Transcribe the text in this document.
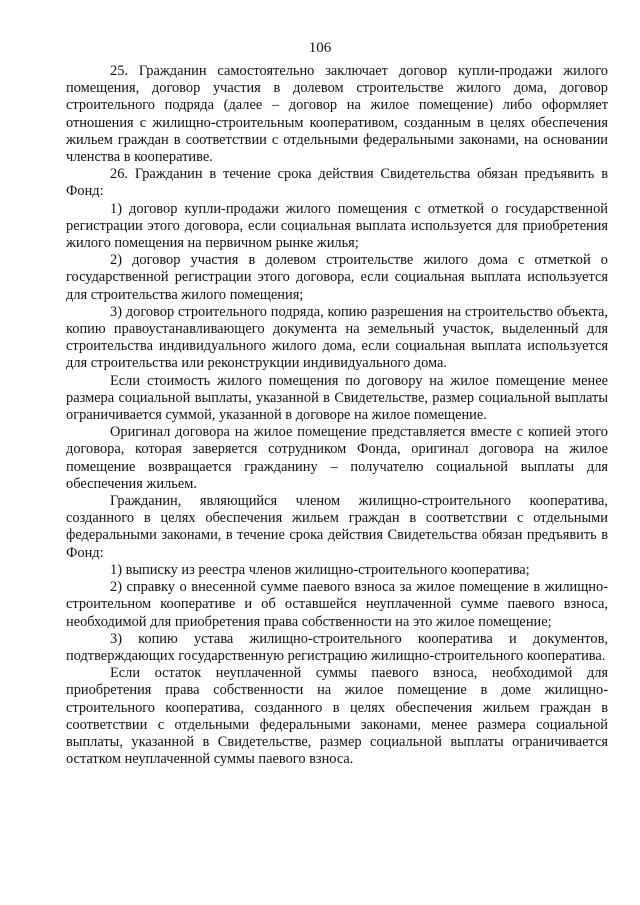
106

25. Гражданин самостоятельно заключает договор купли-продажи жилого помещения, договор участия в долевом строительстве жилого дома, договор строительного подряда (далее – договор на жилое помещение) либо оформляет отношения с жилищно-строительным кооперативом, созданным в целях обеспечения жильем граждан в соответствии с отдельными федеральными законами, на основании членства в кооперативе.

26. Гражданин в течение срока действия Свидетельства обязан предъявить в Фонд:

1) договор купли-продажи жилого помещения с отметкой о государственной регистрации этого договора, если социальная выплата используется для приобретения жилого помещения на первичном рынке жилья;

2) договор участия в долевом строительстве жилого дома с отметкой о государственной регистрации этого договора, если социальная выплата используется для строительства жилого помещения;

3) договор строительного подряда, копию разрешения на строительство объекта, копию правоустанавливающего документа на земельный участок, выделенный для строительства индивидуального жилого дома, если социальная выплата используется для строительства или реконструкции индивидуального дома.

Если стоимость жилого помещения по договору на жилое помещение менее размера социальной выплаты, указанной в Свидетельстве, размер социальной выплаты ограничивается суммой, указанной в договоре на жилое помещение.

Оригинал договора на жилое помещение представляется вместе с копией этого договора, которая заверяется сотрудником Фонда, оригинал договора на жилое помещение возвращается гражданину – получателю социальной выплаты для обеспечения жильем.

Гражданин, являющийся членом жилищно-строительного кооператива, созданного в целях обеспечения жильем граждан в соответствии с отдельными федеральными законами, в течение срока действия Свидетельства обязан предъявить в Фонд:

1) выписку из реестра членов жилищно-строительного кооператива;

2) справку о внесенной сумме паевого взноса за жилое помещение в жилищно-строительном кооперативе и об оставшейся неуплаченной сумме паевого взноса, необходимой для приобретения права собственности на это жилое помещение;

3) копию устава жилищно-строительного кооператива и документов, подтверждающих государственную регистрацию жилищно-строительного кооператива.

Если остаток неуплаченной суммы паевого взноса, необходимой для приобретения права собственности на жилое помещение в доме жилищно-строительного кооператива, созданного в целях обеспечения жильем граждан в соответствии с отдельными федеральными законами, менее размера социальной выплаты, указанной в Свидетельстве, размер социальной выплаты ограничивается остатком неуплаченной суммы паевого взноса.
